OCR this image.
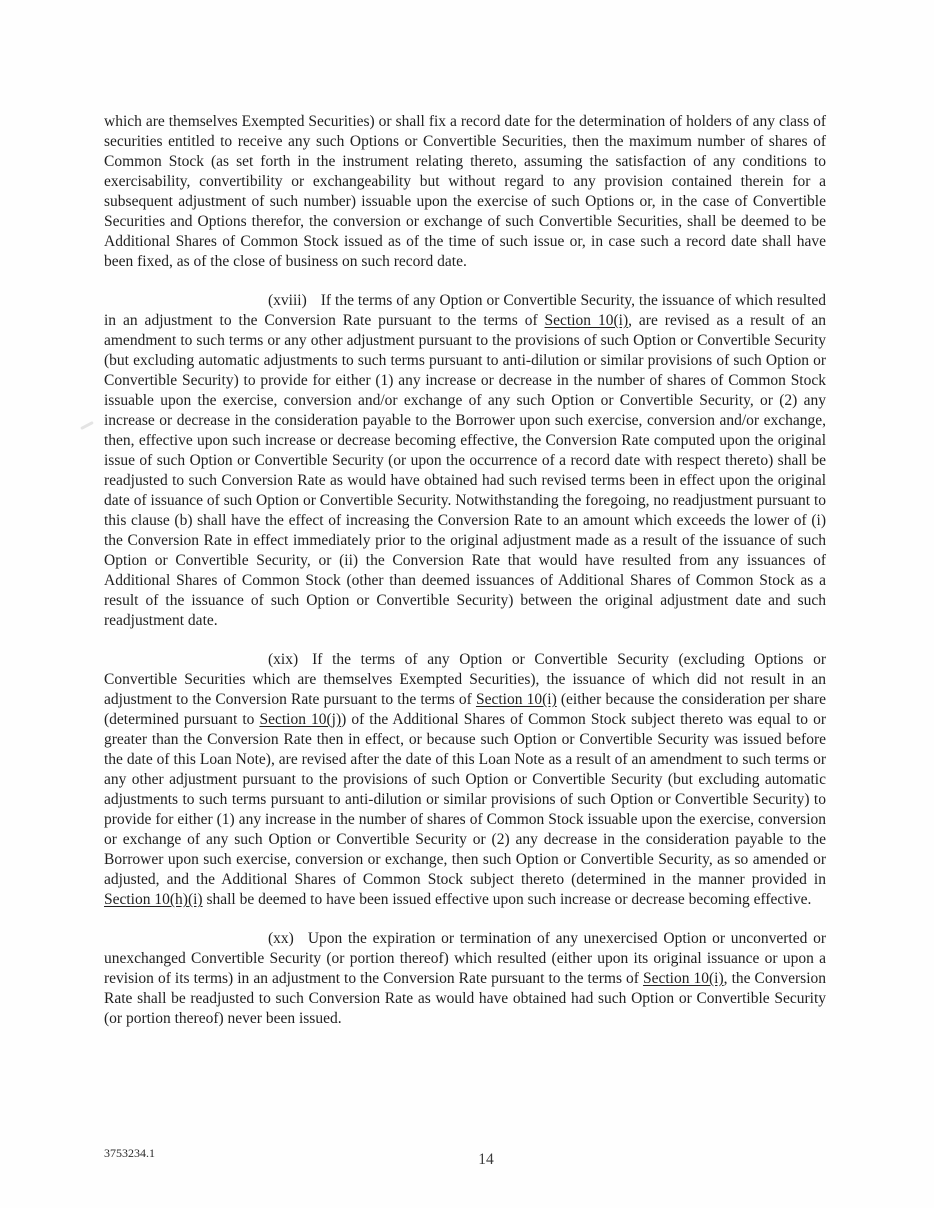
which are themselves Exempted Securities) or shall fix a record date for the determination of holders of any class of securities entitled to receive any such Options or Convertible Securities, then the maximum number of shares of Common Stock (as set forth in the instrument relating thereto, assuming the satisfaction of any conditions to exercisability, convertibility or exchangeability but without regard to any provision contained therein for a subsequent adjustment of such number) issuable upon the exercise of such Options or, in the case of Convertible Securities and Options therefor, the conversion or exchange of such Convertible Securities, shall be deemed to be Additional Shares of Common Stock issued as of the time of such issue or, in case such a record date shall have been fixed, as of the close of business on such record date.

(xviii) If the terms of any Option or Convertible Security, the issuance of which resulted in an adjustment to the Conversion Rate pursuant to the terms of Section 10(i), are revised as a result of an amendment to such terms or any other adjustment pursuant to the provisions of such Option or Convertible Security (but excluding automatic adjustments to such terms pursuant to anti-dilution or similar provisions of such Option or Convertible Security) to provide for either (1) any increase or decrease in the number of shares of Common Stock issuable upon the exercise, conversion and/or exchange of any such Option or Convertible Security, or (2) any increase or decrease in the consideration payable to the Borrower upon such exercise, conversion and/or exchange, then, effective upon such increase or decrease becoming effective, the Conversion Rate computed upon the original issue of such Option or Convertible Security (or upon the occurrence of a record date with respect thereto) shall be readjusted to such Conversion Rate as would have obtained had such revised terms been in effect upon the original date of issuance of such Option or Convertible Security. Notwithstanding the foregoing, no readjustment pursuant to this clause (b) shall have the effect of increasing the Conversion Rate to an amount which exceeds the lower of (i) the Conversion Rate in effect immediately prior to the original adjustment made as a result of the issuance of such Option or Convertible Security, or (ii) the Conversion Rate that would have resulted from any issuances of Additional Shares of Common Stock (other than deemed issuances of Additional Shares of Common Stock as a result of the issuance of such Option or Convertible Security) between the original adjustment date and such readjustment date.

(xix) If the terms of any Option or Convertible Security (excluding Options or Convertible Securities which are themselves Exempted Securities), the issuance of which did not result in an adjustment to the Conversion Rate pursuant to the terms of Section 10(i) (either because the consideration per share (determined pursuant to Section 10(j)) of the Additional Shares of Common Stock subject thereto was equal to or greater than the Conversion Rate then in effect, or because such Option or Convertible Security was issued before the date of this Loan Note), are revised after the date of this Loan Note as a result of an amendment to such terms or any other adjustment pursuant to the provisions of such Option or Convertible Security (but excluding automatic adjustments to such terms pursuant to anti-dilution or similar provisions of such Option or Convertible Security) to provide for either (1) any increase in the number of shares of Common Stock issuable upon the exercise, conversion or exchange of any such Option or Convertible Security or (2) any decrease in the consideration payable to the Borrower upon such exercise, conversion or exchange, then such Option or Convertible Security, as so amended or adjusted, and the Additional Shares of Common Stock subject thereto (determined in the manner provided in Section 10(h)(i) shall be deemed to have been issued effective upon such increase or decrease becoming effective.

(xx) Upon the expiration or termination of any unexercised Option or unconverted or unexchanged Convertible Security (or portion thereof) which resulted (either upon its original issuance or upon a revision of its terms) in an adjustment to the Conversion Rate pursuant to the terms of Section 10(i), the Conversion Rate shall be readjusted to such Conversion Rate as would have obtained had such Option or Convertible Security (or portion thereof) never been issued.

3753234.1	14
